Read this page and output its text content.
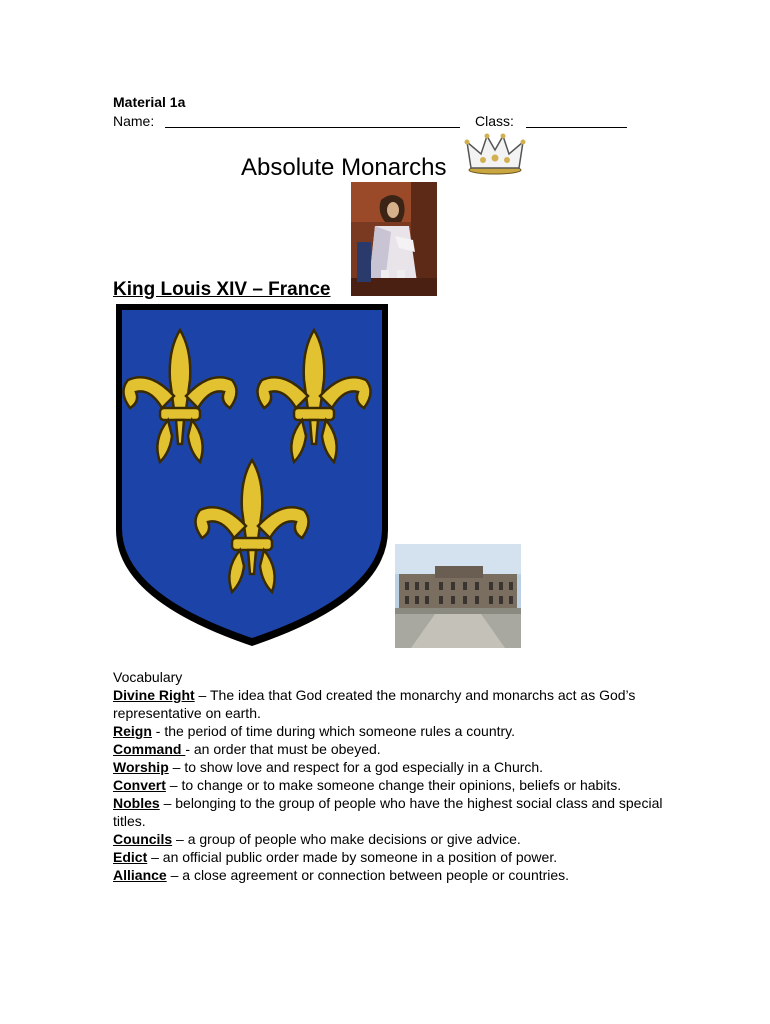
Material 1a
Name:	Class:
Absolute Monarchs
King Louis XIV – France
Vocabulary
Divine Right – The idea that God created the monarchy and monarchs act as God’s representative on earth.
Reign - the period of time during which someone rules a country.
Command - an order that must be obeyed.
Worship – to show love and respect for a god especially in a Church.
Convert – to change or to make someone change their opinions, beliefs or habits.
Nobles – belonging to the group of people who have the highest social class and special titles.
Councils – a group of people who make decisions or give advice.
Edict – an official public order made by someone in a position of power.
Alliance – a close agreement or connection between people or countries.
